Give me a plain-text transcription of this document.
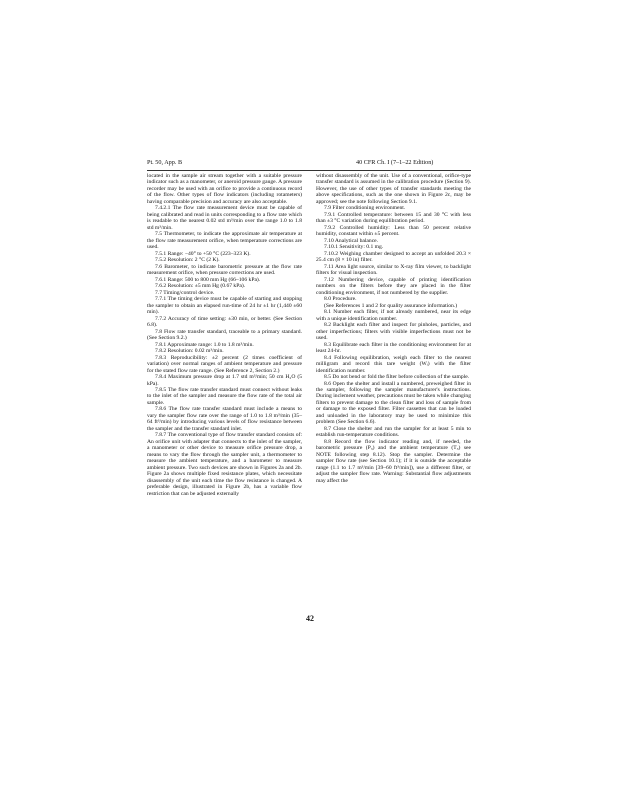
Pt. 50, App. B	40 CFR Ch. I (7–1–22 Edition)

located in the sample air stream together with a suitable pressure indicator such as a manometer, or aneroid pressure gauge. A pressure recorder may be used with an orifice to provide a continuous record of the flow. Other types of flow indicators (including rotameters) having comparable precision and accuracy are also acceptable.

7.4.2.1 The flow rate measurement device must be capable of being calibrated and read in units corresponding to a flow rate which is readable to the nearest 0.02 std m³/min over the range 1.0 to 1.8 std m³/min.

7.5 Thermometer, to indicate the approximate air temperature at the flow rate measurement orifice, when temperature corrections are used.

7.5.1 Range: −40° to +50 °C (223–323 K).

7.5.2 Resolution: 2 °C (2 K).

7.6 Barometer, to indicate barometric pressure at the flow rate measurement orifice, when pressure corrections are used.

7.6.1 Range: 500 to 800 mm Hg (66–106 kPa).

7.6.2 Resolution: ±5 mm Hg (0.67 kPa).

7.7 Timing/control device.

7.7.1 The timing device must be capable of starting and stopping the sampler to obtain an elapsed run-time of 24 hr ±1 hr (1,440 ±60 min).

7.7.2 Accuracy of time setting: ±30 min, or better. (See Section 6.8).

7.8 Flow rate transfer standard, traceable to a primary standard. (See Section 9.2.)

7.8.1 Approximate range: 1.0 to 1.8 m³/min.

7.8.2 Resolution: 0.02 m³/min.

7.8.3 Reproducibility: ±2 percent (2 times coefficient of variation) over normal ranges of ambient temperature and pressure for the stated flow rate range. (See Reference 2, Section 2.)

7.8.4 Maximum pressure drop at 1.7 std m³/min; 50 cm H₂O (5 kPa).

7.8.5 The flow rate transfer standard must connect without leaks to the inlet of the sampler and measure the flow rate of the total air sample.

7.8.6 The flow rate transfer standard must include a means to vary the sampler flow rate over the range of 1.0 to 1.8 m³/min (35–64 ft³/min) by introducing various levels of flow resistance between the sampler and the transfer standard inlet.

7.8.7 The conventional type of flow transfer standard consists of: An orifice unit with adapter that connects to the inlet of the sampler, a manometer or other device to measure orifice pressure drop, a means to vary the flow through the sampler unit, a thermometer to measure the ambient temperature, and a barometer to measure ambient pressure. Two such devices are shown in Figures 2a and 2b. Figure 2a shows multiple fixed resistance plates, which necessitate disassembly of the unit each time the flow resistance is changed. A preferable design, illustrated in Figure 2b, has a variable flow restriction that can be adjusted externally

without disassembly of the unit. Use of a conventional, orifice-type transfer standard is assumed in the calibration procedure (Section 9). However, the use of other types of transfer standards meeting the above specifications, such as the one shown in Figure 2c, may be approved; see the note following Section 9.1.

7.9 Filter conditioning environment.

7.9.1 Controlled temperature: between 15 and 30 °C with less than ±3 °C variation during equilibration period.

7.9.2 Controlled humidity: Less than 50 percent relative humidity, constant within ±5 percent.

7.10 Analytical balance.

7.10.1 Sensitivity: 0.1 mg.

7.10.2 Weighing chamber designed to accept an unfolded 20.3 × 25.4 cm (8 × 10 in) filter.

7.11 Area light source, similar to X-ray film viewer, to backlight filters for visual inspection.

7.12 Numbering device, capable of printing identification numbers on the filters before they are placed in the filter conditioning environment, if not numbered by the supplier.

8.0 Procedure.

(See References 1 and 2 for quality assurance information.)

8.1 Number each filter, if not already numbered, near its edge with a unique identification number.

8.2 Backlight each filter and inspect for pinholes, particles, and other imperfections; filters with visible imperfections must not be used.

8.3 Equilibrate each filter in the conditioning environment for at least 24-hr.

8.4 Following equilibration, weigh each filter to the nearest milligram and record this tare weight (Wᵢ) with the filter identification number.

8.5 Do not bend or fold the filter before collection of the sample.

8.6 Open the shelter and install a numbered, preweighed filter in the sampler, following the sampler manufacturer's instructions. During inclement weather, precautions must be taken while changing filters to prevent damage to the clean filter and loss of sample from or damage to the exposed filter. Filter cassettes that can be loaded and unloaded in the laboratory may be used to minimize this problem (See Section 6.6).

8.7 Close the shelter and run the sampler for at least 5 min to establish run-temperature conditions.

8.8 Record the flow indicator reading and, if needed, the barometric pressure (P₃) and the ambient temperature (T₃) see NOTE following step 8.12). Stop the sampler. Determine the sampler flow rate (see Section 10.1); if it is outside the acceptable range (1.1 to 1.7 m³/min [39–60 ft³/min]), use a different filter, or adjust the sampler flow rate. Warning: Substantial flow adjustments may affect the

42
